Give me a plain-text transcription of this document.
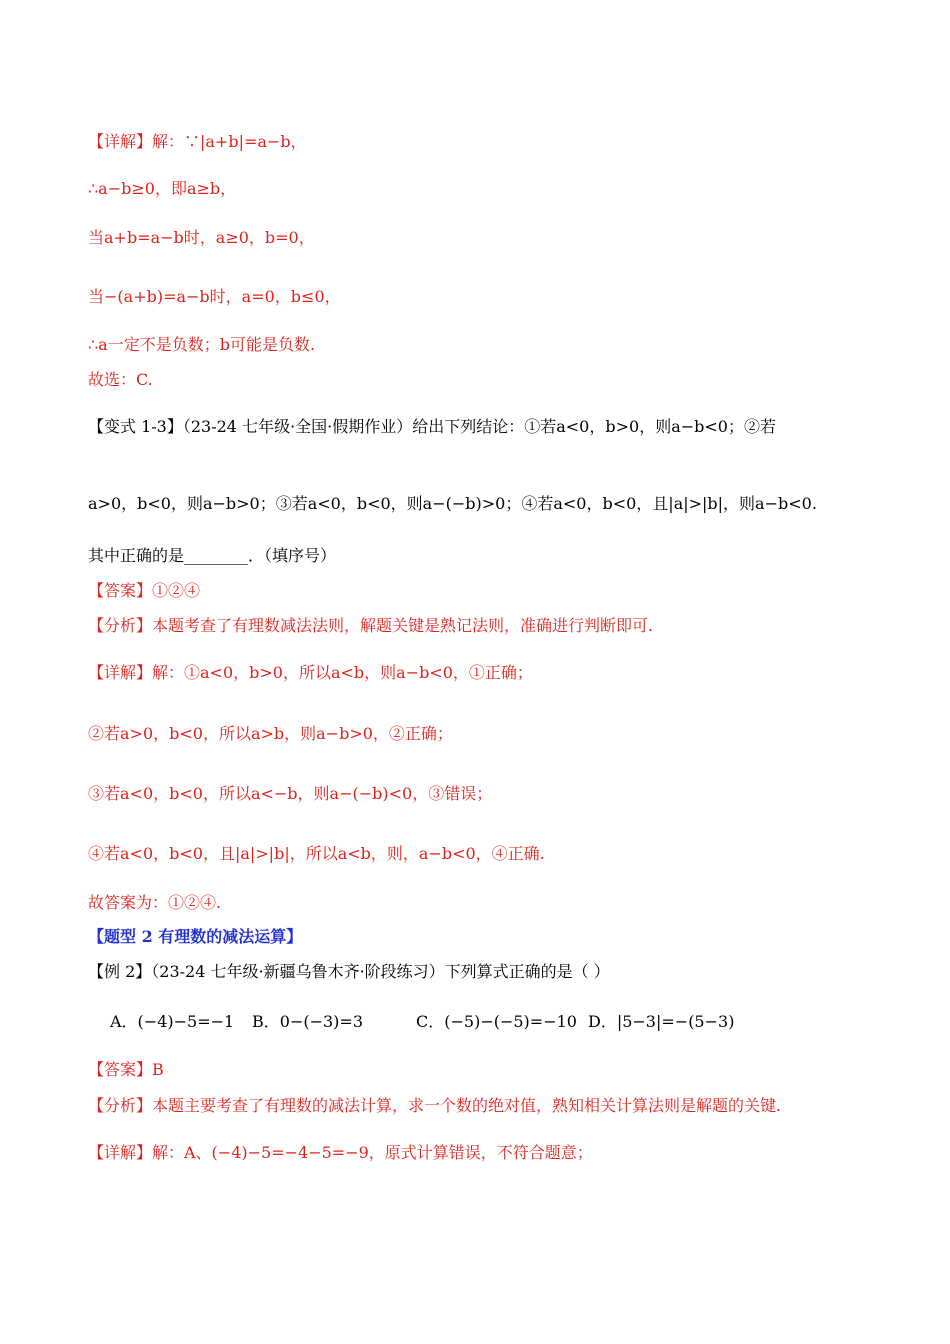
【详解】解：∵|a+b|=a−b，
∴a−b≥0，即a≥b，
当a+b=a−b时，a≥0，b=0，
当−(a+b)=a−b时，a=0，b≤0，
∴a一定不是负数；b可能是负数.
故选：C.
【变式 1-3】（23-24 七年级·全国·假期作业）给出下列结论：①若a<0，b>0，则a−b<0；②若
a>0，b<0，则a−b>0；③若a<0，b<0，则a−(−b)>0；④若a<0，b<0，且|a|>|b|，则a−b<0.
其中正确的是________．（填序号）
【答案】①②④
【分析】本题考查了有理数减法法则，解题关键是熟记法则，准确进行判断即可.
【详解】解：①a<0，b>0，所以a<b，则a−b<0，①正确；
②若a>0，b<0，所以a>b，则a−b>0，②正确；
③若a<0，b<0，所以a<−b，则a−(−b)<0，③错误；
④若a<0，b<0，且|a|>|b|，所以a<b，则，a−b<0，④正确.
故答案为：①②④.
【题型 2 有理数的减法运算】
【例 2】（23-24 七年级·新疆乌鲁木齐·阶段练习）下列算式正确的是（ ）
A．(−4)−5=−1 B．0−(−3)=3	C．(−5)−(−5)=−10 D．|5−3|=−(5−3)
【答案】B
【分析】本题主要考查了有理数的减法计算，求一个数的绝对值，熟知相关计算法则是解题的关键.
【详解】解：A、(−4)−5=−4−5=−9，原式计算错误，不符合题意；
